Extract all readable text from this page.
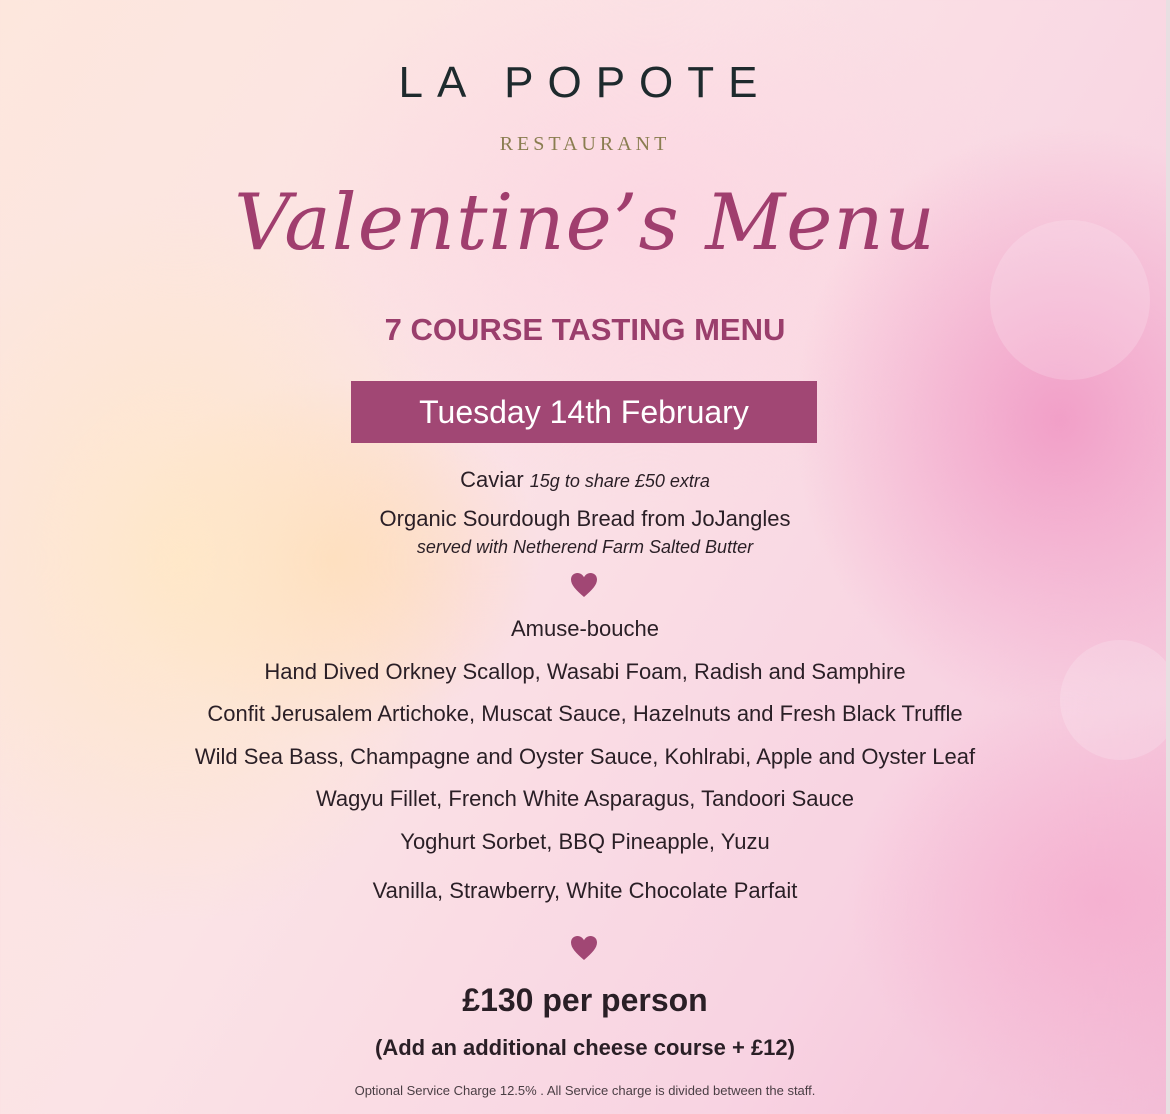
LA POPOTE
RESTAURANT
Valentine’s Menu
7 COURSE TASTING MENU
Tuesday 14th February
Caviar 15g to share £50 extra
Organic Sourdough Bread from JoJangles
served with Netherend Farm Salted Butter
Amuse-bouche
Hand Dived Orkney Scallop, Wasabi Foam, Radish and Samphire
Confit Jerusalem Artichoke, Muscat Sauce, Hazelnuts and Fresh Black Truffle
Wild Sea Bass, Champagne and Oyster Sauce, Kohlrabi, Apple and Oyster Leaf
Wagyu Fillet, French White Asparagus, Tandoori Sauce
Yoghurt Sorbet, BBQ Pineapple, Yuzu
Vanilla, Strawberry, White Chocolate Parfait
£130 per person
(Add an additional cheese course + £12)
Optional Service Charge 12.5% . All Service charge is divided between the staff.
